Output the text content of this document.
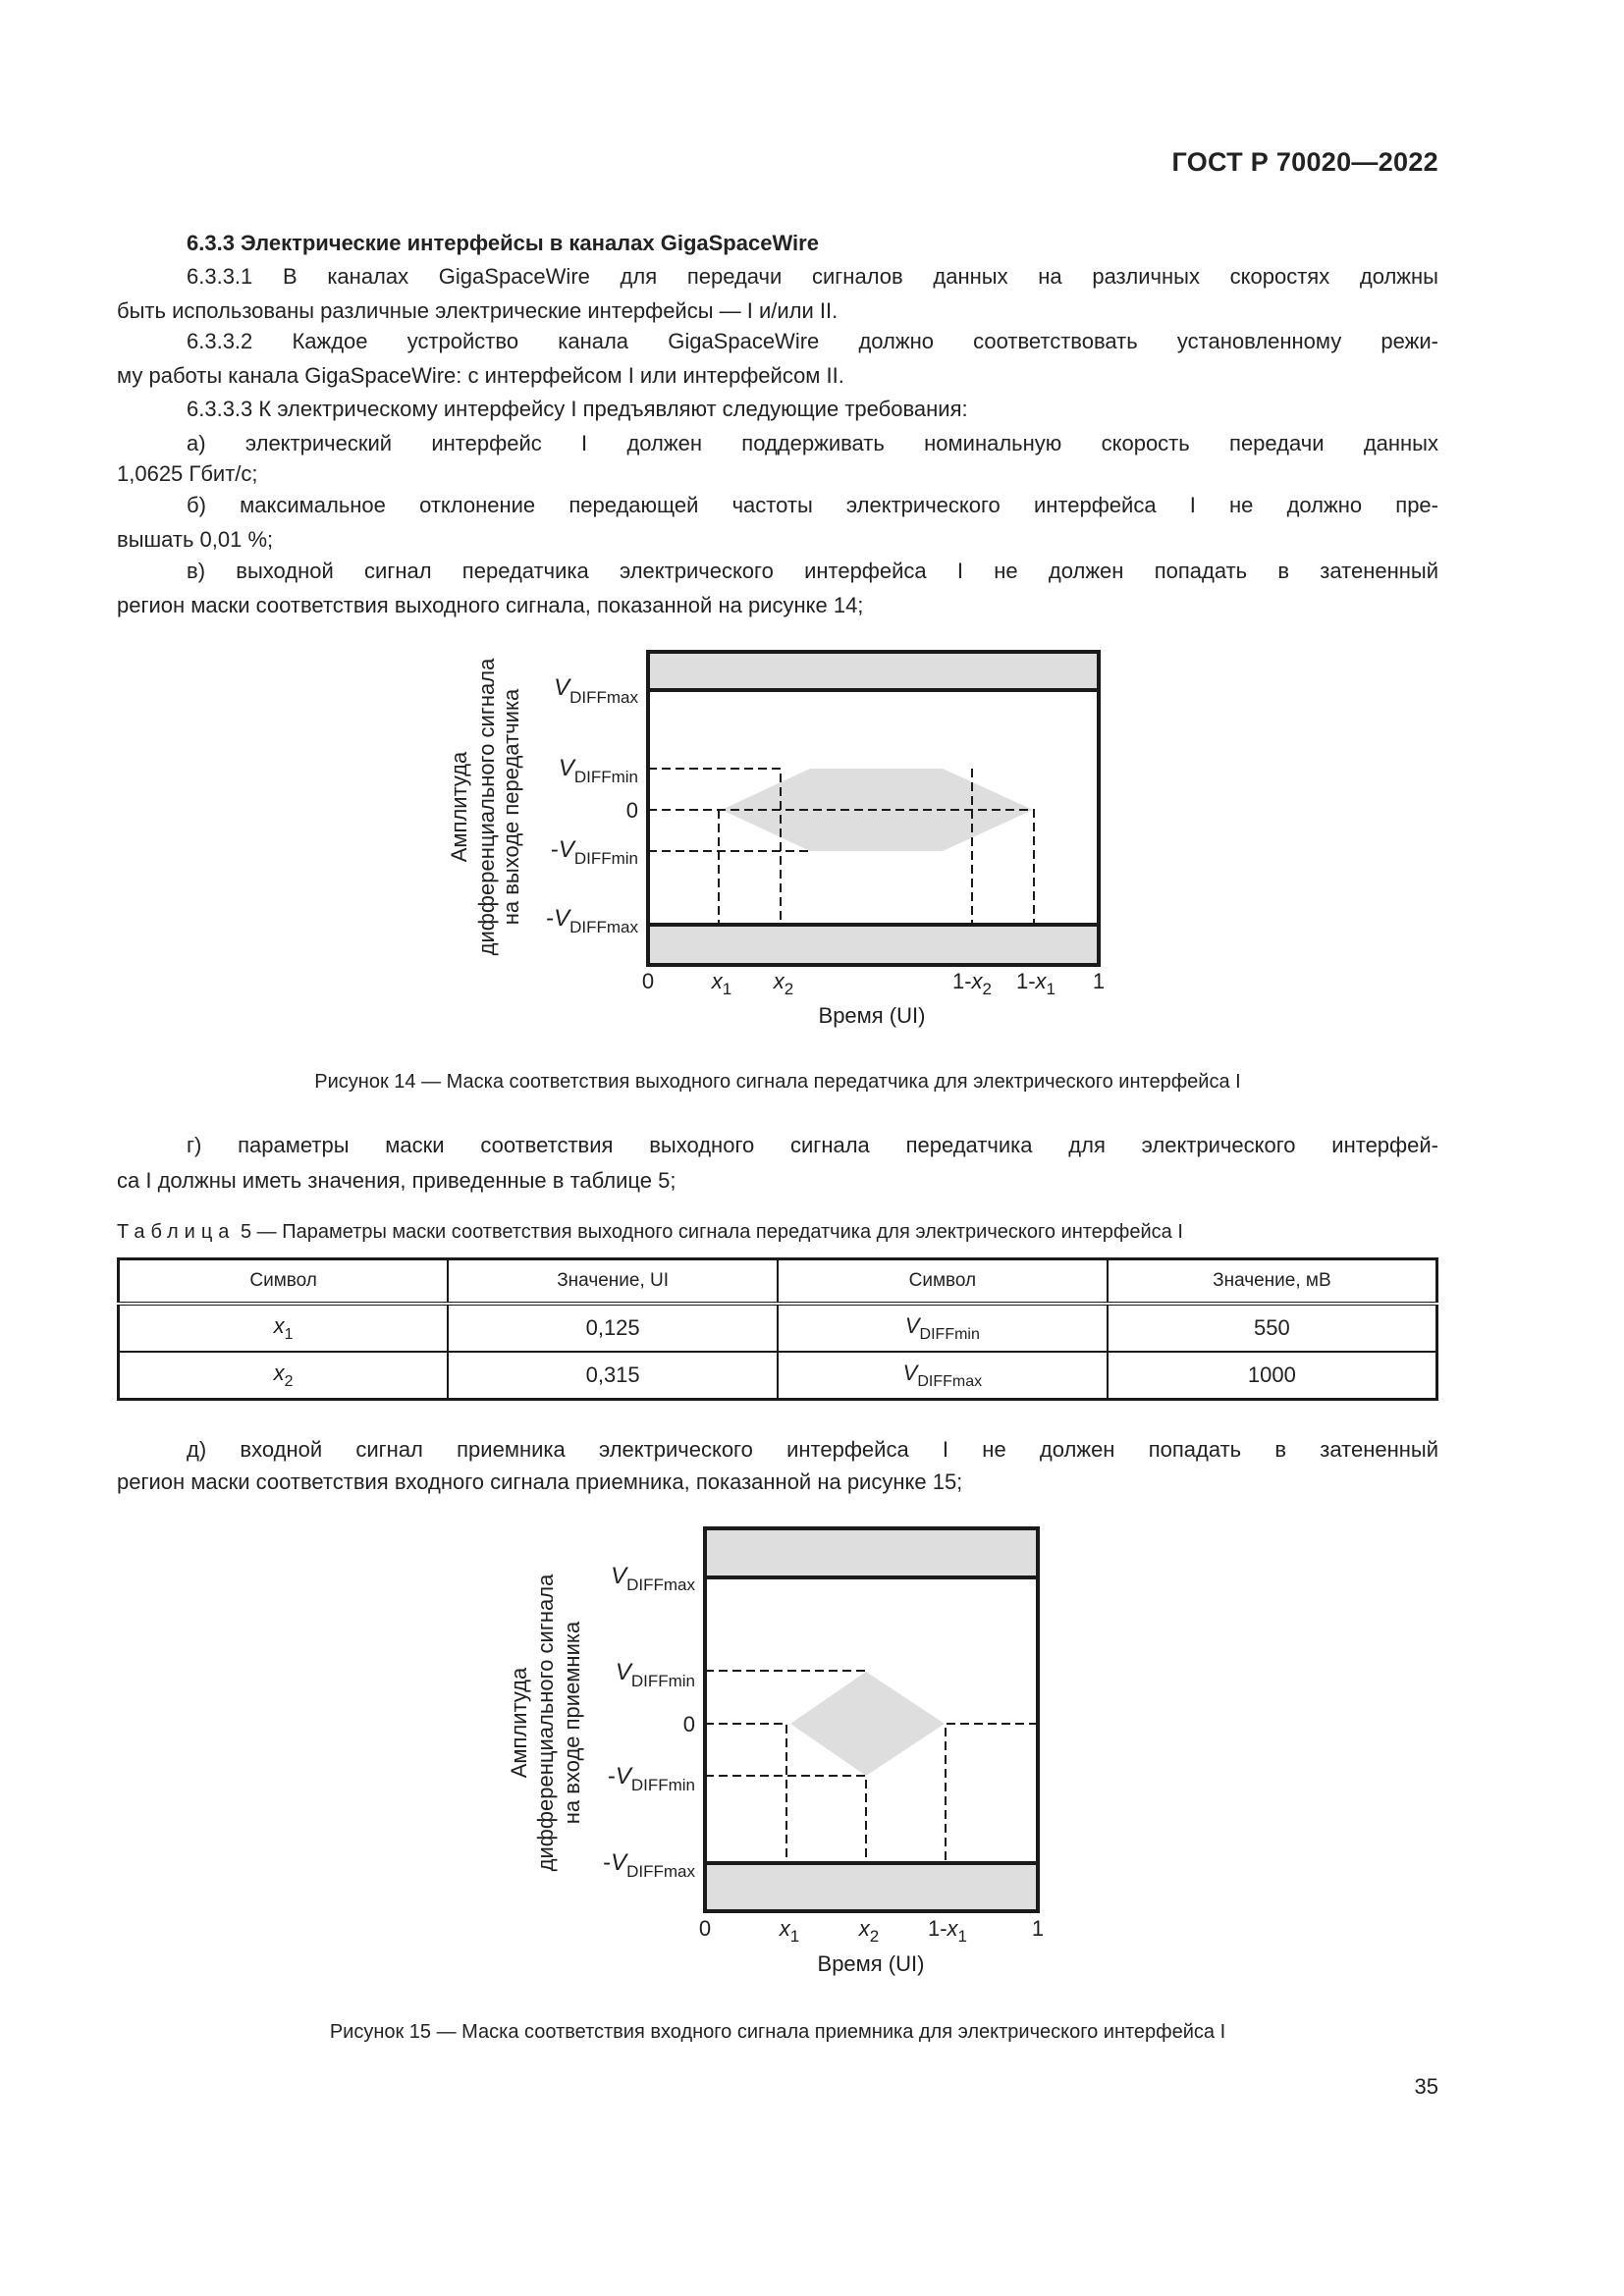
ГОСТ Р 70020—2022
6.3.3 Электрические интерфейсы в каналах GigaSpaceWire
6.3.3.1 В каналах GigaSpaceWire для передачи сигналов данных на различных скоростях должны
быть использованы различные электрические интерфейсы — I и/или II.
6.3.3.2 Каждое устройство канала GigaSpaceWire должно соответствовать установленному режи-
му работы канала GigaSpaceWire: с интерфейсом I или интерфейсом II.
6.3.3.3 К электрическому интерфейсу I предъявляют следующие требования:
а) электрический интерфейс I должен поддерживать номинальную скорость передачи данных
1,0625 Гбит/с;
б) максимальное отклонение передающей частоты электрического интерфейса I не должно пре-
вышать 0,01 %;
в) выходной сигнал передатчика электрического интерфейса I не должен попадать в затененный
регион маски соответствия выходного сигнала, показанной на рисунке 14;
Рисунок 14 — Маска соответствия выходного сигнала передатчика для электрического интерфейса I
г) параметры маски соответствия выходного сигнала передатчика для электрического интерфей-
са I должны иметь значения, приведенные в таблице 5;
Таблица 5 — Параметры маски соответствия выходного сигнала передатчика для электрического интерфейса I
Символ	Значение, UI	Символ	Значение, мВ
$x_1$	0,125	$V_{DIFFmin}$	550
$x_2$	0,315	$V_{DIFFmax}$	1000
д) входной сигнал приемника электрического интерфейса I не должен попадать в затененный
регион маски соответствия входного сигнала приемника, показанной на рисунке 15;
Рисунок 15 — Маска соответствия входного сигнала приемника для электрического интерфейса I
35
$V_{DIFFmax}$
$V_{DIFFmin}$
0
$-V_{DIFFmin}$
$-V_{DIFFmax}$
Амплитуда дифференциального сигнала на выходе передатчика
0	$x_1$ $x_2$	$1-x_2$ $1-x_1$ 1
Время (UI)
$V_{DIFFmax}$
$V_{DIFFmin}$
0
$-V_{DIFFmin}$
$-V_{DIFFmax}$
Амплитуда дифференциального сигнала на входе приемника
0	$x_1$	$x_2$ $1-x_1$	1
Время (UI)
